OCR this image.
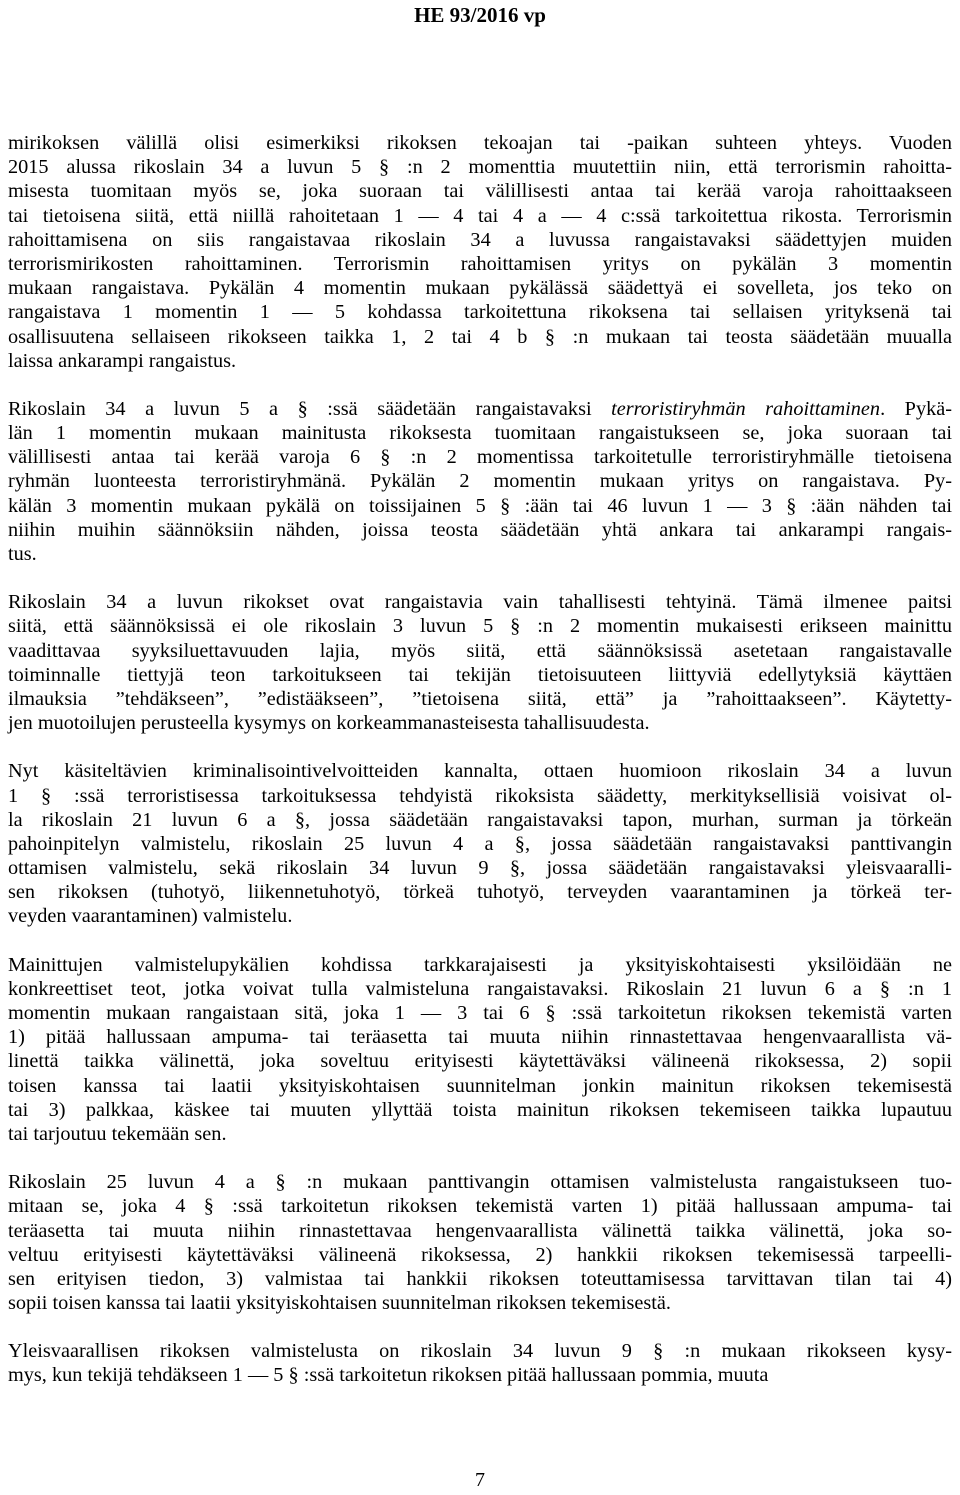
HE 93/2016 vp
mirikoksen välillä olisi esimerkiksi rikoksen tekoajan tai -paikan suhteen yhteys. Vuoden
2015 alussa rikoslain 34 a luvun 5 § :n 2 momenttia muutettiin niin, että terrorismin rahoitta-
misesta tuomitaan myös se, joka suoraan tai välillisesti antaa tai kerää varoja rahoittaakseen
tai tietoisena siitä, että niillä rahoitetaan 1 — 4 tai 4 a — 4 c:ssä tarkoitettua rikosta. Terrorismin
rahoittamisena on siis rangaistavaa rikoslain 34 a luvussa rangaistavaksi säädettyjen muiden
terrorismirikosten rahoittaminen. Terrorismin rahoittamisen yritys on pykälän 3 momentin
mukaan rangaistava. Pykälän 4 momentin mukaan pykälässä säädettyä ei sovelleta, jos teko on
rangaistava 1 momentin 1 — 5 kohdassa tarkoitettuna rikoksena tai sellaisen yrityksenä tai
osallisuutena sellaiseen rikokseen taikka 1, 2 tai 4 b § :n mukaan tai teosta säädetään muualla
laissa ankarampi rangaistus.
Rikoslain 34 a luvun 5 a § :ssä säädetään rangaistavaksi terroristiryhmän rahoittaminen. Pykä-
län 1 momentin mukaan mainitusta rikoksesta tuomitaan rangaistukseen se, joka suoraan tai
välillisesti antaa tai kerää varoja 6 § :n 2 momentissa tarkoitetulle terroristiryhmälle tietoisena
ryhmän luonteesta terroristiryhmänä. Pykälän 2 momentin mukaan yritys on rangaistava. Py-
kälän 3 momentin mukaan pykälä on toissijainen 5 § :ään tai 46 luvun 1 — 3 § :ään nähden tai
niihin muihin säännöksiin nähden, joissa teosta säädetään yhtä ankara tai ankarampi rangais-
tus.
Rikoslain 34 a luvun rikokset ovat rangaistavia vain tahallisesti tehtyinä. Tämä ilmenee paitsi
siitä, että säännöksissä ei ole rikoslain 3 luvun 5 § :n 2 momentin mukaisesti erikseen mainittu
vaadittavaa syyksiluettavuuden lajia, myös siitä, että säännöksissä asetetaan rangaistavalle
toiminnalle tiettyjä teon tarkoitukseen tai tekijän tietoisuuteen liittyviä edellytyksiä käyttäen
ilmauksia ”tehdäkseen”, ”edistääkseen”, ”tietoisena siitä, että” ja ”rahoittaakseen”. Käytetty-
jen muotoilujen perusteella kysymys on korkeammanasteisesta tahallisuudesta.
Nyt käsiteltävien kriminalisointivelvoitteiden kannalta, ottaen huomioon rikoslain 34 a luvun
1 § :ssä terroristisessa tarkoituksessa tehdyistä rikoksista säädetty, merkityksellisiä voisivat ol-
la rikoslain 21 luvun 6 a §, jossa säädetään rangaistavaksi tapon, murhan, surman ja törkeän
pahoinpitelyn valmistelu, rikoslain 25 luvun 4 a §, jossa säädetään rangaistavaksi panttivangin
ottamisen valmistelu, sekä rikoslain 34 luvun 9 §, jossa säädetään rangaistavaksi yleisvaaralli-
sen rikoksen (tuhotyö, liikennetuhotyö, törkeä tuhotyö, terveyden vaarantaminen ja törkeä ter-
veyden vaarantaminen) valmistelu.
Mainittujen valmistelupykälien kohdissa tarkkarajaisesti ja yksityiskohtaisesti yksilöidään ne
konkreettiset teot, jotka voivat tulla valmisteluna rangaistavaksi. Rikoslain 21 luvun 6 a § :n 1
momentin mukaan rangaistaan sitä, joka 1 — 3 tai 6 § :ssä tarkoitetun rikoksen tekemistä varten
1) pitää hallussaan ampuma- tai teräasetta tai muuta niihin rinnastettavaa hengenvaarallista vä-
linettä taikka välinettä, joka soveltuu erityisesti käytettäväksi välineenä rikoksessa, 2) sopii
toisen kanssa tai laatii yksityiskohtaisen suunnitelman jonkin mainitun rikoksen tekemisestä
tai 3) palkkaa, käskee tai muuten yllyttää toista mainitun rikoksen tekemiseen taikka lupautuu
tai tarjoutuu tekemään sen.
Rikoslain 25 luvun 4 a § :n mukaan panttivangin ottamisen valmistelusta rangaistukseen tuo-
mitaan se, joka 4 § :ssä tarkoitetun rikoksen tekemistä varten 1) pitää hallussaan ampuma- tai
teräasetta tai muuta niihin rinnastettavaa hengenvaarallista välinettä taikka välinettä, joka so-
veltuu erityisesti käytettäväksi välineenä rikoksessa, 2) hankkii rikoksen tekemisessä tarpeelli-
sen erityisen tiedon, 3) valmistaa tai hankkii rikoksen toteuttamisessa tarvittavan tilan tai 4)
sopii toisen kanssa tai laatii yksityiskohtaisen suunnitelman rikoksen tekemisestä.
Yleisvaarallisen rikoksen valmistelusta on rikoslain 34 luvun 9 § :n mukaan rikokseen kysy-
mys, kun tekijä tehdäkseen 1 — 5 § :ssä tarkoitetun rikoksen pitää hallussaan pommia, muuta
7
